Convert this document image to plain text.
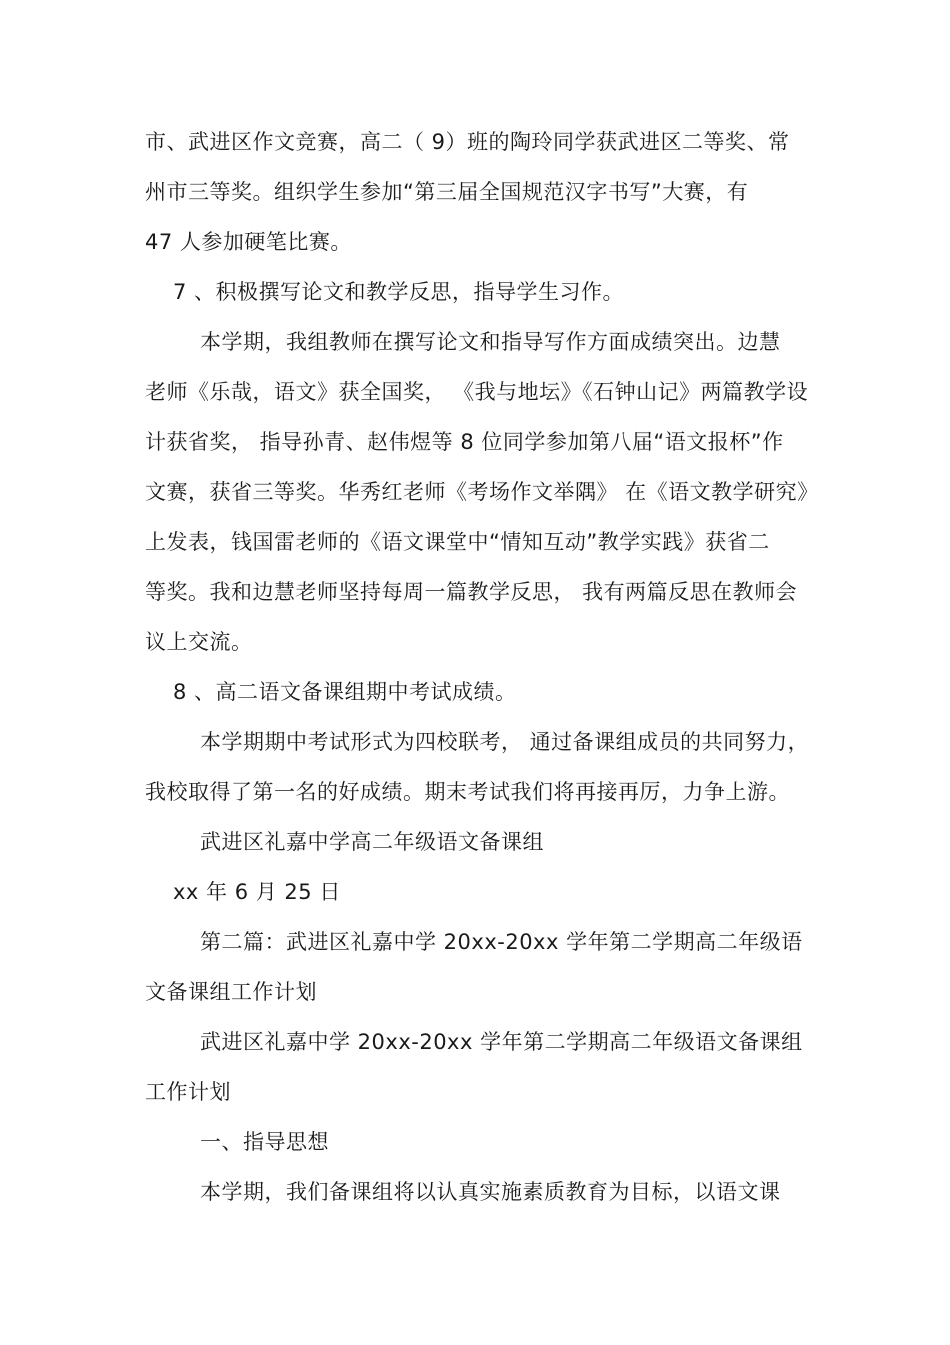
市、武进区作文竞赛，高二（ 9）班的陶玲同学获武进区二等奖、常
州市三等奖。组织学生参加“第三届全国规范汉字书写”大赛，有
47 人参加硬笔比赛。
7 、积极撰写论文和教学反思，指导学生习作。
本学期，我组教师在撰写论文和指导写作方面成绩突出。边慧
老师《乐哉，语文》获全国奖， 《我与地坛》《石钟山记》两篇教学设
计获省奖， 指导孙青、赵伟煜等 8 位同学参加第八届“语文报杯”作
文赛，获省三等奖。华秀红老师《考场作文举隅》 在《语文教学研究》
上发表，钱国雷老师的《语文课堂中“情知互动”教学实践》获省二
等奖。我和边慧老师坚持每周一篇教学反思， 我有两篇反思在教师会
议上交流。
8 、高二语文备课组期中考试成绩。
本学期期中考试形式为四校联考， 通过备课组成员的共同努力，
我校取得了第一名的好成绩。期末考试我们将再接再厉，力争上游。
武进区礼嘉中学高二年级语文备课组
xx 年 6 月 25 日
第二篇：武进区礼嘉中学 20xx-20xx 学年第二学期高二年级语
文备课组工作计划
武进区礼嘉中学 20xx-20xx 学年第二学期高二年级语文备课组
工作计划
一、指导思想
本学期，我们备课组将以认真实施素质教育为目标，以语文课
